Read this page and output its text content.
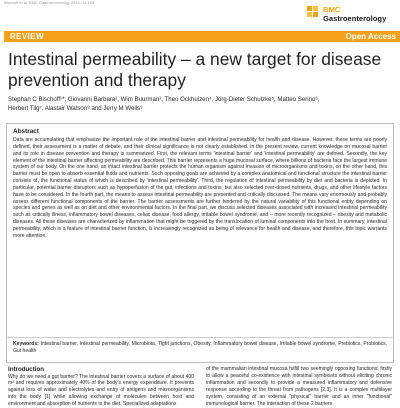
Bischoff et al. BMC Gastroenterology 2014, 14:189
BMC
Gastroenterology
REVIEW	Open Access
Intestinal permeability – a new target for disease prevention and therapy
Stephan C Bischoff¹*, Giovanni Barbara², Wim Buurman³, Theo Ockhuizen⁴, Jörg-Dieter Schulzke⁵, Matteo Serino⁶,
Herbert Tilg⁷, Alastair Watson⁸ and Jerry M Wells⁹
Abstract

Data are accumulating that emphasize the important role of the intestinal barrier and intestinal permeability for health and disease. However, these terms are poorly defined, their assessment is a matter of debate, and their clinical significance is not clearly established. In the present review, current knowledge on mucosal barrier and its role in disease prevention and therapy is summarized. First, the relevant terms 'intestinal barrier' and 'intestinal permeability' are defined. Secondly, the key element of the intestinal barrier affecting permeability are described. This barrier represents a huge mucosal surface, where billions of bacteria face the largest immune system of our body. On the one hand, an intact intestinal barrier protects the human organism against invasion of microorganisms and toxins, on the other hand, this barrier must be open to absorb essential fluids and nutrients. Such opposing goals are achieved by a complex anatomical and functional structure the intestinal barrier consists of, the functional status of which is described by 'intestinal permeability'. Third, the regulation of intestinal permeability by diet and bacteria is depicted. In particular, potential barrier disruptors such as hypoperfusion of the gut, infections and toxins, but also selected over-dosed nutrients, drugs, and other lifestyle factors have to be considered. In the fourth part, the means to assess intestinal permeability are presented and critically discussed. The means vary enormously and probably assess different functional components of the barrier. The barrier assessments are further hindered by the natural variability of this functional entity depending on species and genes as well as on diet and other environmental factors. In the final part, we discuss selected diseases associated with increased intestinal permeability such as critically illness, inflammatory bowel diseases, celiac disease, food allergy, irritable bowel syndrome, and – more recently recognized – obesity and metabolic diseases. All these diseases are characterized by inflammation that might be triggered by the translocation of luminal components into the host. In summary, intestinal permeability, which is a feature of intestinal barrier function, is increasingly recognized as being of relevance for health and disease, and therefore, this topic warrants more attention.

Keywords: Intestinal barrier, Intestinal permeability, Microbiota, Tight junctions, Obesity, Inflammatory bowel disease, Irritable bowel syndrome, Prebiotics, Probiotics, Gut health

Introduction

Why do we need a gut barrier? The intestinal barrier covers a surface of about 400 m² and requires approximately 40% of the body's energy expenditure. It prevents against loss of water and electrolytes and entry of antigens and microorganisms into the body [1] while allowing exchange of molecules between host and environment and absorption of nutrients in the diet. Specialized adaptations

of the mammalian intestinal mucosa fulfill two seemingly opposing functions: firstly to allow a peaceful co-existence with intestinal symbionts without eliciting chronic inflammation and secondly to provide a measured inflammatory and defensive response according to the threat from pathogens [2,3]. It is a complex multilayer system, consisting of an external "physical" barrier and an inner "functional" immunological barrier. The interaction of these 2 barriers
